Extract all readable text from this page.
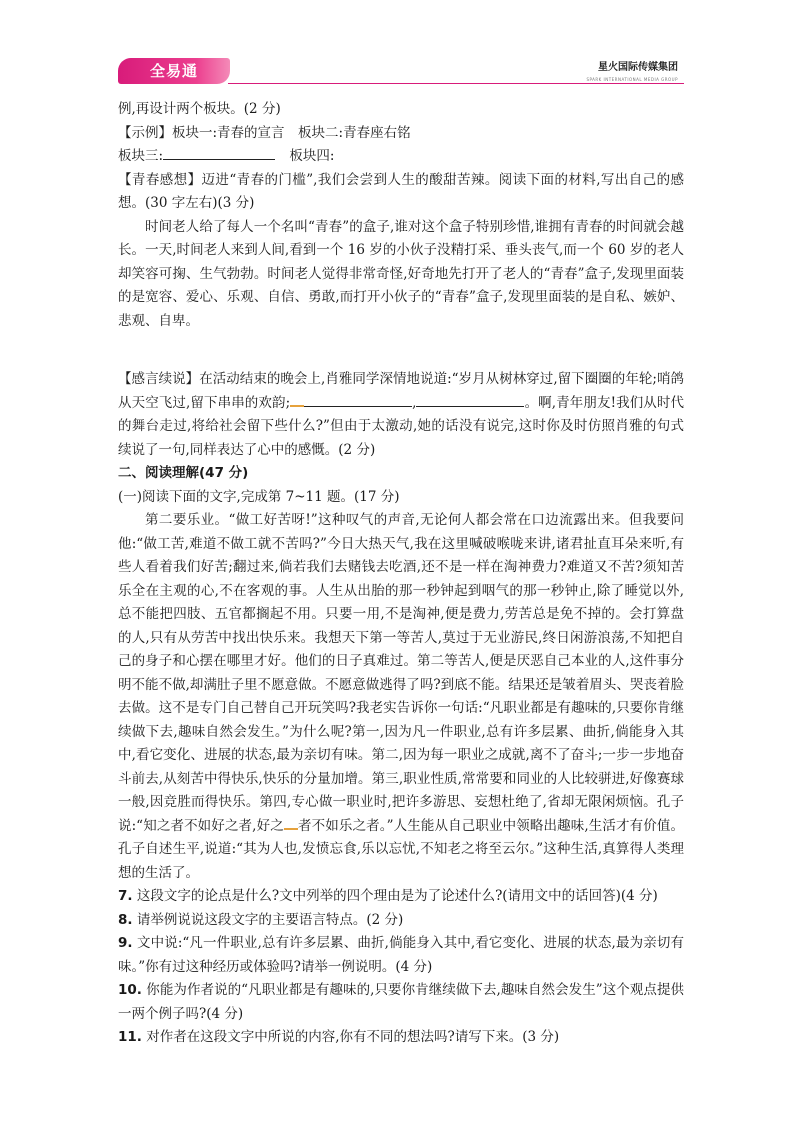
全易通	星火国际传媒集团
SPARK INTERNATIONAL MEDIA GROUP

例,再设计两个板块。(2 分)

【示例】板块一:青春的宣言　板块二:青春座右铭

板块三:	板块四:

【青春感想】迈进“青春的门槛”,我们会尝到人生的酸甜苦辣。阅读下面的材料,写出自己的感想。(30 字左右)(3 分)

时间老人给了每人一个名叫“青春”的盒子,谁对这个盒子特别珍惜,谁拥有青春的时间就会越长。一天,时间老人来到人间,看到一个 16 岁的小伙子没精打采、垂头丧气,而一个 60 岁的老人却笑容可掬、生气勃勃。时间老人觉得非常奇怪,好奇地先打开了老人的“青春”盒子,发现里面装的是宽容、爱心、乐观、自信、勇敢,而打开小伙子的“青春”盒子,发现里面装的是自私、嫉妒、悲观、自卑。

【感言续说】在活动结束的晚会上,肖雅同学深情地说道:“岁月从树林穿过,留下圈圈的年轮;哨鸽从天空飞过,留下串串的欢韵;	,	。啊,青年朋友!我们从时代的舞台走过,将给社会留下些什么?”但由于太激动,她的话没有说完,这时你及时仿照肖雅的句式续说了一句,同样表达了心中的感慨。(2 分)

二、阅读理解(47 分)

(一)阅读下面的文字,完成第 7~11 题。(17 分)

第二要乐业。“做工好苦呀!”这种叹气的声音,无论何人都会常在口边流露出来。但我要问他:“做工苦,难道不做工就不苦吗?”今日大热天气,我在这里喊破喉咙来讲,诸君扯直耳朵来听,有些人看着我们好苦;翻过来,倘若我们去赌钱去吃酒,还不是一样在淘神费力?难道又不苦?须知苦乐全在主观的心,不在客观的事。人生从出胎的那一秒钟起到咽气的那一秒钟止,除了睡觉以外,总不能把四肢、五官都搁起不用。只要一用,不是淘神,便是费力,劳苦总是免不掉的。会打算盘的人,只有从劳苦中找出快乐来。我想天下第一等苦人,莫过于无业游民,终日闲游浪荡,不知把自己的身子和心摆在哪里才好。他们的日子真难过。第二等苦人,便是厌恶自己本业的人,这件事分明不能不做,却满肚子里不愿意做。不愿意做逃得了吗?到底不能。结果还是皱着眉头、哭丧着脸去做。这不是专门自己替自己开玩笑吗?我老实告诉你一句话:“凡职业都是有趣味的,只要你肯继续做下去,趣味自然会发生。”为什么呢?第一,因为凡一件职业,总有许多层累、曲折,倘能身入其中,看它变化、进展的状态,最为亲切有味。第二,因为每一职业之成就,离不了奋斗;一步一步地奋斗前去,从刻苦中得快乐,快乐的分量加增。第三,职业性质,常常要和同业的人比较骈进,好像赛球一般,因竞胜而得快乐。第四,专心做一职业时,把许多游思、妄想杜绝了,省却无限闲烦恼。孔子说:“知之者不如好之者,好之 者不如乐之者。”人生能从自己职业中领略出趣味,生活才有价值。孔子自述生平,说道:“其为人也,发愤忘食,乐以忘忧,不知老之将至云尔。”这种生活,真算得人类理想的生活了。

7. 这段文字的论点是什么?文中列举的四个理由是为了论述什么?(请用文中的话回答)(4 分)

8. 请举例说说这段文字的主要语言特点。(2 分)

9. 文中说:“凡一件职业,总有许多层累、曲折,倘能身入其中,看它变化、进展的状态,最为亲切有味。”你有过这种经历或体验吗?请举一例说明。(4 分)

10. 你能为作者说的“凡职业都是有趣味的,只要你肯继续做下去,趣味自然会发生”这个观点提供一两个例子吗?(4 分)

11. 对作者在这段文字中所说的内容,你有不同的想法吗?请写下来。(3 分)
